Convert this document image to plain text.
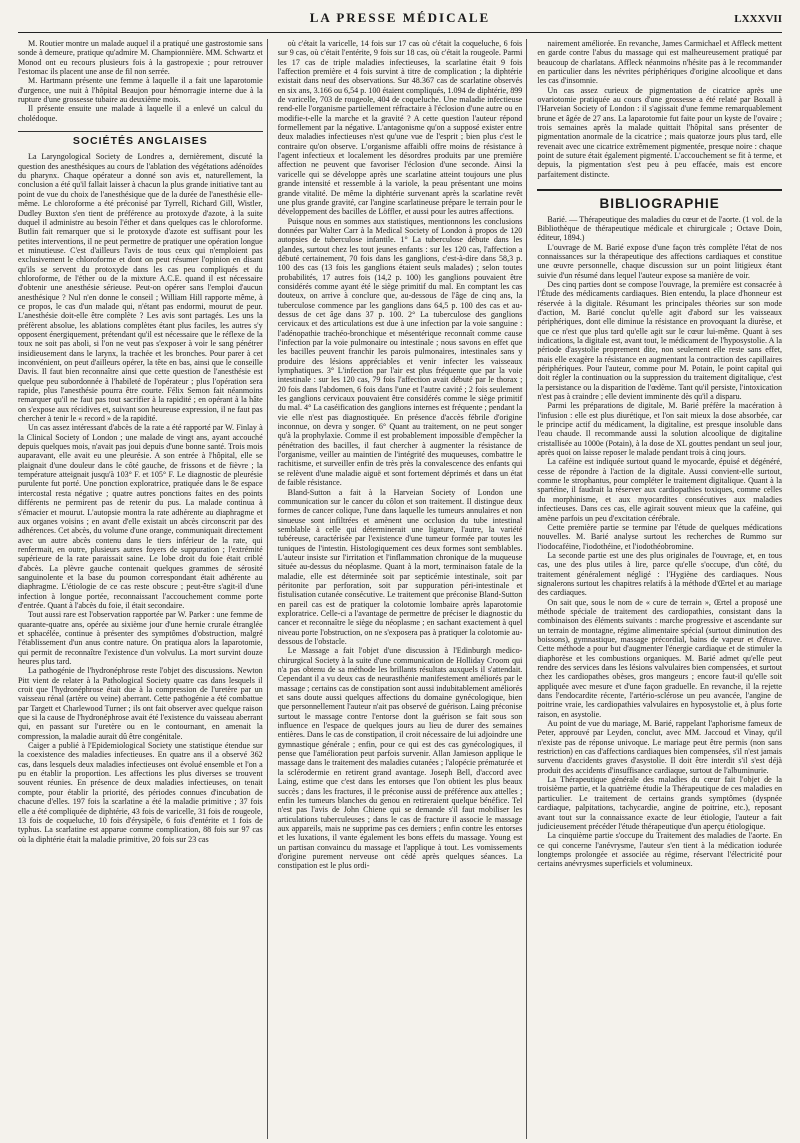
LA PRESSE MÉDICALE	LXXXVII

M. Routier montre un malade auquel il a pratiqué une gastrostomie sans sonde à demeure, pratique qu'admire M. Championnière. MM. Schwartz et Monod ont eu recours plusieurs fois à la gastropexie ; pour retrouver l'estomac ils placent une anse de fil non serrée.

M. Hartmann présente une femme à laquelle il a fait une laparotomie d'urgence, une nuit à l'hôpital Beaujon pour hémorragie interne due à la rupture d'une grossesse tubaire au deuxième mois.

Il présente ensuite une malade à laquelle il a enlevé un calcul du cholédoque.

SOCIÉTÉS ANGLAISES

La Laryngological Society de Londres a, dernièrement, discuté la question des anesthésiques au cours de l'ablation des végétations adénoïdes du pharynx. Chaque opérateur a donné son avis et, naturellement, la conclusion a été qu'il fallait laisser à chacun la plus grande initiative tant au point de vue du choix de l'anesthésique que de la durée de l'anesthésie elle-même. Le chloroforme a été préconisé par Tyrrell, Richard Gill, Wistler, Dudley Buxton s'en tient de préférence au protoxyde d'azote, à la suite duquel il administre au besoin l'éther et dans quelques cas le chloroforme. Butlin fait remarquer que si le protoxyde d'azote est suffisant pour les petites interventions, il ne peut permettre de pratiquer une opération longue et minutieuse. C'est d'ailleurs l'avis de tous ceux qui n'emploient pas exclusivement le chloroforme et dont on peut résumer l'opinion en disant qu'ils se servent du protoxyde dans les cas peu compliqués et du chloroforme, de l'éther ou de la mixture A.C.E. quand il est nécessaire d'obtenir une anesthésie sérieuse. Peut-on opérer sans l'emploi d'aucun anesthésique ? Nul n'en donne le conseil ; William Hill rapporte même, à ce propos, le cas d'un malade qui, n'étant pas endormi, mourut de peur. L'anesthésie doit-elle être complète ? Les avis sont partagés. Les uns la préfèrent absolue, les ablations complètes étant plus faciles, les autres s'y opposent énergiquement, prétendant qu'il est nécessaire que le réflexe de la toux ne soit pas aboli, si l'on ne veut pas s'exposer à voir le sang pénétrer insidieusement dans le larynx, la trachée et les bronches. Pour parer à cet inconvénient, on peut d'ailleurs opérer, la tête en bas, ainsi que le conseille Davis. Il faut bien reconnaître ainsi que cette question de l'anesthésie est quelque peu subordonnée à l'habileté de l'opérateur ; plus l'opération sera rapide, plus l'anesthésie pourra être courte. Félix Semon fait néanmoins remarquer qu'il ne faut pas tout sacrifier à la rapidité ; en opérant à la hâte on s'expose aux récidives et, suivant son heureuse expression, il ne faut pas chercher à tenir le « record » de la rapidité.

Un cas assez intéressant d'abcès de la rate a été rapporté par W. Finlay à la Clinical Society of London ; une malade de vingt ans, ayant accouché depuis quelques mois, n'avait pas joui depuis d'une bonne santé. Trois mois auparavant, elle avait eu une pleurésie. A son entrée à l'hôpital, elle se plaignait d'une douleur dans le côté gauche, de frissons et de fièvre ; la température atteignait jusqu'à 103° F. et 105° F. Le diagnostic de pleurésie purulente fut porté. Une ponction exploratrice, pratiquée dans le 8e espace intercostal resta négative ; quatre autres ponctions faites en des points différents ne permirent pas de retenir du pus. La malade continua à s'émacier et mourut. L'autopsie montra la rate adhérente au diaphragme et aux organes voisins ; en avant d'elle existait un abcès circonscrit par des adhérences. Cet abcès, du volume d'une orange, communiquait directement avec un autre abcès contenu dans le tiers inférieur de la rate, qui renfermait, en outre, plusieurs autres foyers de suppuration ; l'extrémité supérieure de la rate paraissait saine. Le lobe droit du foie était criblé d'abcès. La plèvre gauche contenait quelques grammes de sérosité sanguinolente et la base du poumon correspondant était adhérente au diaphragme. L'étiologie de ce cas reste obscure ; peut-être s'agit-il d'une infection à longue portée, reconnaissant l'accouchement comme porte d'entrée. Quant à l'abcès du foie, il était secondaire.

Tout aussi rare est l'observation rapportée par W. Parker : une femme de quarante-quatre ans, opérée au sixième jour d'une hernie crurale étranglée et sphacélée, continue à présenter des symptômes d'obstruction, malgré l'établissement d'un anus contre nature. On pratiqua alors la laparotomie, qui permit de reconnaître l'existence d'un volvulus. La mort survint douze heures plus tard.

La pathogénie de l'hydronéphrose reste l'objet des discussions. Newton Pitt vient de relater à la Pathological Society quatre cas dans lesquels il croit que l'hydronéphrose était due à la compression de l'uretère par un vaisseau rénal (artère ou veine) aberrant. Cette pathogénie a été combattue par Targett et Charlewood Turner ; ils ont fait observer avec quelque raison que si la cause de l'hydronéphrose avait été l'existence du vaisseau aberrant qui, en passant sur l'uretère ou en le contournant, en amenait la compression, la maladie aurait dû être congénitale.

Caiger a publié à l'Epidemiological Society une statistique étendue sur la coexistence des maladies infectieuses. En quatre ans il a observé 362 cas, dans lesquels deux maladies infectieuses ont évolué ensemble et l'on a pu en établir la proportion. Les affections les plus diverses se trouvent souvent réunies. En présence de deux maladies infectieuses, on tenait compte, pour établir la priorité, des périodes connues d'incubation de chacune d'elles. 197 fois la scarlatine a été la maladie primitive ; 37 fois elle a été compliquée de diphtérie, 43 fois de varicelle, 31 fois de rougeole, 13 fois de coqueluche, 10 fois d'érysipèle, 6 fois d'entérite et 1 fois de typhus. La scarlatine est apparue comme complication, 88 fois sur 97 cas où la diphtérie était la maladie primitive, 20 fois sur 23 cas

où c'était la varicelle, 14 fois sur 17 cas où c'était la coqueluche, 6 fois sur 9 cas, où c'était l'entérite, 9 fois sur 18 cas, où c'était la rougeole. Parmi les 17 cas de triple maladies infectieuses, la scarlatine était 9 fois l'affection première et 4 fois survint à titre de complication ; la diphtérie existait dans neuf des observations. Sur 48.367 cas de scarlatine observés en six ans, 3.166 ou 6,54 p. 100 étaient compliqués, 1.094 de diphtérie, 899 de varicelle, 703 de rougeole, 404 de coqueluche. Une maladie infectieuse rend-elle l'organisme partiellement réfractaire à l'éclosion d'une autre ou en modifie-t-elle la marche et la gravité ? A cette question l'auteur répond formellement par la négative. L'antagonisme qu'on a supposé exister entre deux maladies infectieuses n'est qu'une vue de l'esprit ; bien plus c'est le contraire qu'on observe. L'organisme affaibli offre moins de résistance à l'agent infectieux et localement les désordres produits par une première affection ne peuvent que favoriser l'éclosion d'une seconde. Ainsi la varicelle qui se développe après une scarlatine atteint toujours une plus grande intensité et ressemble à la variole, la peau présentant une moins grande vitalité. De même la diphtérie survenant après la scarlatine revêt une plus grande gravité, car l'angine scarlatineuse prépare le terrain pour le développement des bacilles de Löffler, et aussi pour les autres affections.

Puisque nous en sommes aux statistiques, mentionnons les conclusions données par Walter Carr à la Medical Society of London à propos de 120 autopsies de tuberculose infantile. 1° La tuberculose débute dans les glandes, surtout chez les tout jeunes enfants : sur les 120 cas, l'affection a débuté certainement, 70 fois dans les ganglions, c'est-à-dire dans 58,3 p. 100 des cas (13 fois les ganglions étaient seuls malades) ; selon toutes probabilités, 17 autres fois (14,2 p. 100) les ganglions pouvaient être considérés comme ayant été le siège primitif du mal. En comptant les cas douteux, on arrive à conclure que, au-dessous de l'âge de cinq ans, la tuberculose commence par les ganglions dans 64,5 p. 100 des cas et au-dessus de cet âge dans 37 p. 100. 2° La tuberculose des ganglions cervicaux et des articulations est due à une infection par la voie sanguine : l'adénopathie trachéo-bronchique et mésentérique reconnaît comme cause l'infection par la voie pulmonaire ou intestinale ; nous savons en effet que les bacilles peuvent franchir les parois pulmonaires, intestinales sans y produire des lésions appréciables et venir infecter les vaisseaux lymphatiques. 3° L'infection par l'air est plus fréquente que par la voie intestinale : sur les 120 cas, 79 fois l'affection avait débuté par le thorax ; 20 fois dans l'abdomen, 6 fois dans l'une et l'autre cavité ; 2 fois seulement les ganglions cervicaux pouvaient être considérés comme le siège primitif du mal. 4° La caséification des ganglions internes est fréquente ; pendant la vie elle n'est pas diagnostiquée. En présence d'accès fébrile d'origine inconnue, on devra y songer. 6° Quant au traitement, on ne peut songer qu'à la prophylaxie. Comme il est probablement impossible d'empêcher la pénétration des bacilles, il faut chercher à augmenter la résistance de l'organisme, veiller au maintien de l'intégrité des muqueuses, combattre le rachitisme, et surveiller enfin de très près la convalescence des enfants qui se relèvent d'une maladie aiguë et sont fortement déprimés et dans un état de faible résistance.

Bland-Sutton a fait à la Harveian Society of London une communication sur le cancer du côlon et son traitement. Il distingue deux formes de cancer colique, l'une dans laquelle les tumeurs annulaires et non sinueuse sont infiltrées et amènent une occlusion du tube intestinal semblable à celle qui déterminerait une ligature, l'autre, la variété tubéreuse, caractérisée par l'existence d'une tumeur formée par toutes les tuniques de l'intestin. Histologiquement ces deux formes sont semblables. L'auteur insiste sur l'irritation et l'inflammation chronique de la muqueuse située au-dessus du néoplasme. Quant à la mort, terminaison fatale de la maladie, elle est déterminée soit par septicémie intestinale, soit par péritonite par perforation, soit par suppuration péri-intestinale et fistulisation cutanée consécutive. Le traitement que préconise Bland-Sutton en pareil cas est de pratiquer la colotomie lombaire après laparotomie exploratrice. Celle-ci a l'avantage de permettre de préciser le diagnostic du cancer et reconnaître le siège du néoplasme ; en sachant exactement à quel niveau porte l'obstruction, on ne s'exposera pas à pratiquer la colotomie au-dessous de l'obstacle.

Le Massage a fait l'objet d'une discussion à l'Edinburgh medico-chirurgical Society à la suite d'une communication de Holliday Croom qui n'a pas obtenu de sa méthode les brillants résultats auxquels il s'attendait. Cependant il a vu deux cas de neurasthénie manifestement améliorés par le massage ; certains cas de constipation sont aussi indubitablement améliorés et sans doute aussi quelques affections du domaine gynécologique, bien que personnellement l'auteur n'ait pas observé de guérison. Laing préconise surtout le massage contre l'entorse dont la guérison se fait sous son influence en l'espace de quelques jours au lieu de durer des semaines entières. Dans le cas de constipation, il croit nécessaire de lui adjoindre une gymnastique générale ; enfin, pour ce qui est des cas gynécologiques, il pense que l'amélioration peut parfois survenir. Allan Jamieson applique le massage dans le traitement des maladies cutanées ; l'alopécie prématurée et la sclérodermie en retirent grand avantage. Joseph Bell, d'accord avec Laing, estime que c'est dans les entorses que l'on obtient les plus beaux succès ; dans les fractures, il le préconise aussi de préférence aux attelles ; enfin les tumeurs blanches du genou en retireraient quelque bénéfice. Tel n'est pas l'avis de John Chiene qui se demande s'il faut mobiliser les articulations tuberculeuses ; dans le cas de fracture il associe le massage aux appareils, mais ne supprime pas ces derniers ; enfin contre les entorses et les luxations, il vante également les bons effets du massage. Young est un partisan convaincu du massage et l'applique à tout. Les vomissements d'origine purement nerveuse ont cédé après quelques séances. La constipation est le plus ordi-

nairement améliorée. En revanche, James Carmichael et Affleck mettent en garde contre l'abus du massage qui est malheureusement pratiqué par beaucoup de charlatans. Affleck néanmoins n'hésite pas à le recommander en particulier dans les névrites périphériques d'origine alcoolique et dans les cas d'insomnie.

Un cas assez curieux de pigmentation de cicatrice après une ovariotomie pratiquée au cours d'une grossesse a été relaté par Boxall à l'Harveian Society of London : il s'agissait d'une femme remarquablement brune et âgée de 27 ans. La laparotomie fut faite pour un kyste de l'ovaire ; trois semaines après la malade quittait l'hôpital sans présenter de pigmentation anormale de la cicatrice ; mais quatorze jours plus tard, elle revenait avec une cicatrice extrêmement pigmentée, presque noire : chaque point de suture était également pigmenté. L'accouchement se fit à terme, et depuis, la pigmentation s'est peu à peu effacée, mais est encore parfaitement distincte.

BIBLIOGRAPHIE

Barié. — Thérapeutique des maladies du cœur et de l'aorte. (1 vol. de la Bibliothèque de thérapeutique médicale et chirurgicale ; Octave Doin, éditeur, 1894.)

L'ouvrage de M. Barié expose d'une façon très complète l'état de nos connaissances sur la thérapeutique des affections cardiaques et constitue une œuvre personnelle, chaque discussion sur un point litigieux étant suivie d'un résumé dans lequel l'auteur expose sa manière de voir.

Des cinq parties dont se compose l'ouvrage, la première est consacrée à l'Étude des médicaments cardiaques. Bien entendu, la place d'honneur est réservée à la digitale. Résumant les principales théories sur son mode d'action, M. Barié conclut qu'elle agit d'abord sur les vaisseaux périphériques, dont elle diminue la résistance en provoquant la diurèse, et que ce n'est que plus tard qu'elle agit sur le cœur lui-même. Quant à ses indications, la digitale est, avant tout, le médicament de l'hyposystolie. A la période d'asystolie proprement dite, non seulement elle reste sans effet, mais elle exagère la résistance en augmentant la contraction des capillaires périphériques. Pour l'auteur, comme pour M. Potain, le point capital qui doit régler la continuation ou la suppression du traitement digitalique, c'est la persistance ou la disparition de l'œdème. Tant qu'il persiste, l'intoxication n'est pas à craindre ; elle devient imminente dès qu'il a disparu.

Parmi les préparations de digitale, M. Barié préfère la macération à l'infusion : elle est plus diurétique, et l'on sait mieux la dose absorbée, car le principe actif du médicament, la digitaline, est presque insoluble dans l'eau chaude. Il recommande aussi la solution alcoolique de digitaline cristallisée au 1000e (Potain), à la dose de XL gouttes pendant un seul jour, après quoi on laisse reposer le malade pendant trois à cinq jours.

La caféine est indiquée surtout quand le myocarde, épuisé et dégénéré, cesse de répondre à l'action de la digitale. Aussi convient-elle surtout, comme le strophantus, pour compléter le traitement digitalique. Quant à la spartéine, il faudrait la réserver aux cardiopathies toxiques, comme celles du morphinisme, et aux myocardites consécutives aux maladies infectieuses. Dans ces cas, elle agirait souvent mieux que la caféine, qui amène parfois un peu d'excitation cérébrale.

Cette première partie se termine par l'étude de quelques médications nouvelles. M. Barié analyse surtout les recherches de Rummo sur l'iodocaféine, l'iodothéine, et l'iodothéobromine.

La seconde partie est une des plus originales de l'ouvrage, et, en tous cas, une des plus utiles à lire, parce qu'elle s'occupe, d'un côté, du traitement généralement négligé : l'Hygiène des cardiaques. Nous signalerons surtout les chapitres relatifs à la méthode d'Œrtel et au mariage des cardiaques.

On sait que, sous le nom de « cure de terrain », Œrtel a proposé une méthode spéciale de traitement des cardiopathies, consistant dans la combinaison des éléments suivants : marche progressive et ascendante sur un terrain de montagne, régime alimentaire spécial (surtout diminution des boissons), gymnastique, massage précordial, bains de vapeur et d'étuve. Cette méthode a pour but d'augmenter l'énergie cardiaque et de stimuler la diaphorèse et les combustions organiques. M. Barié admet qu'elle peut rendre des services dans les lésions valvulaires bien compensées, et surtout chez les cardiopathes obèses, gros mangeurs ; encore faut-il qu'elle soit appliquée avec mesure et d'une façon graduelle. En revanche, il la rejette dans l'endocardite récente, l'artério-sclérose un peu avancée, l'angine de poitrine vraie, les cardiopathies valvulaires en hyposystolie et, à plus forte raison, en asystolie.

Au point de vue du mariage, M. Barié, rappelant l'aphorisme fameux de Peter, approuvé par Leyden, conclut, avec MM. Jaccoud et Vinay, qu'il n'existe pas de réponse univoque. Le mariage peut être permis (non sans restriction) en cas d'affections cardiaques bien compensées, s'il n'est jamais survenu d'accidents graves d'asystolie. Il doit être interdit s'il s'est déjà produit des accidents d'insuffisance cardiaque, surtout de l'albuminurie.

La Thérapeutique générale des maladies du cœur fait l'objet de la troisième partie, et la quatrième étudie la Thérapeutique de ces maladies en particulier. Le traitement de certains grands symptômes (dyspnée cardiaque, palpitations, tachycardie, angine de poitrine, etc.), reposant avant tout sur la connaissance exacte de leur étiologie, l'auteur a fait judicieusement précéder l'étude thérapeutique d'un aperçu étiologique.

La cinquième partie s'occupe du Traitement des maladies de l'aorte. En ce qui concerne l'anévrysme, l'auteur s'en tient à la médication iodurée longtemps prolongée et associée au régime, réservant l'électricité pour certains anévrysmes superficiels et volumineux.
